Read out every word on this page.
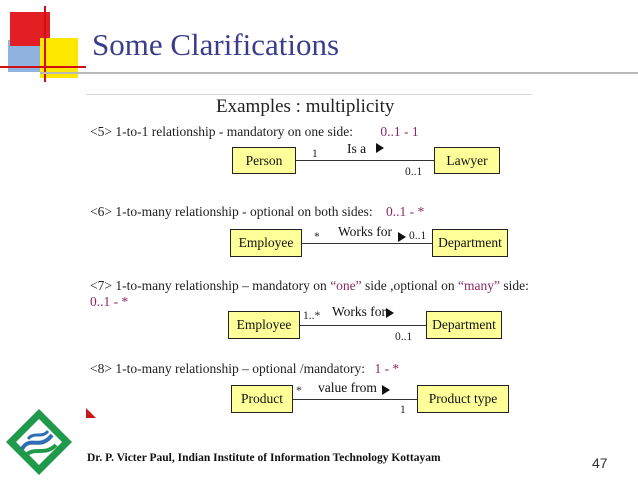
Some Clarifications
Examples : multiplicity
<5> 1-to-1 relationship - mandatory on one side: 0..1 - 1
Person	Lawyer
Is a
1
0..1
<6> 1-to-many relationship - optional on both sides: 0..1 - *
Employee	Department
Works for
*	0..1
<7> 1-to-many relationship – mandatory on “one” side ,optional on “many” side:
0..1 - *
Employee	Department
Works for
1..*
0..1
<8> 1-to-many relationship – optional /mandatory: 1 - *
Product	Product type
value from
*
1
Dr. P. Victer Paul, Indian Institute of Information Technology Kottayam	47
